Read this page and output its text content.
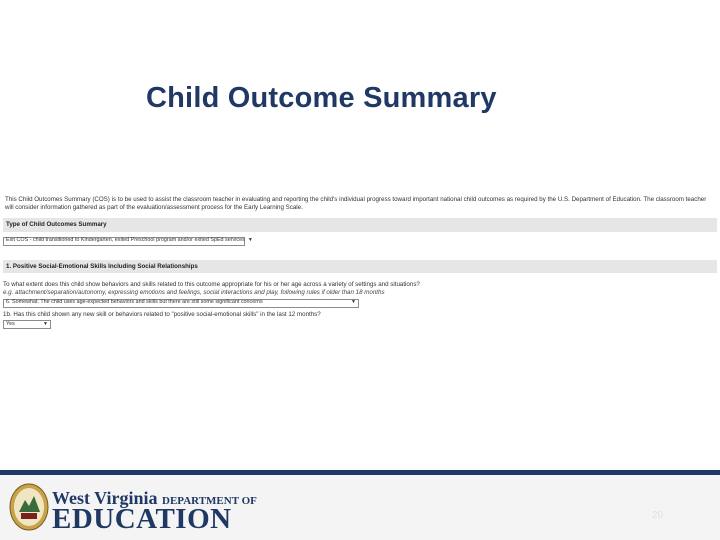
Child Outcome Summary

This Child Outcomes Summary (COS) is to be used to assist the classroom teacher in evaluating and reporting the child's individual progress toward important national child outcomes as required by the U.S. Department of Education. The classroom teacher will consider information gathered as part of the evaluation/assessment process for the Early Learning Scale.

Type of Child Outcomes Summary
Exit COS - child transitioned to Kindergarten, exited Preschool program and/or exited SpEd services ▼
1. Positive Social-Emotional Skills Including Social Relationships
To what extent does this child show behaviors and skills related to this outcome appropriate for his or her age across a variety of settings and situations?
e.g. attachment/separation/autonomy, expressing emotions and feelings, social interactions and play, following rules if older than 18 months
6. Somewhat. The child uses age-expected behaviors and skills but there are still some significant concerns	▼
1b. Has this child shown any new skill or behaviors related to "positive social-emotional skills" in the last 12 months?
Yes	▼
West Virginia DEPARTMENT OF
EDUCATION	20
